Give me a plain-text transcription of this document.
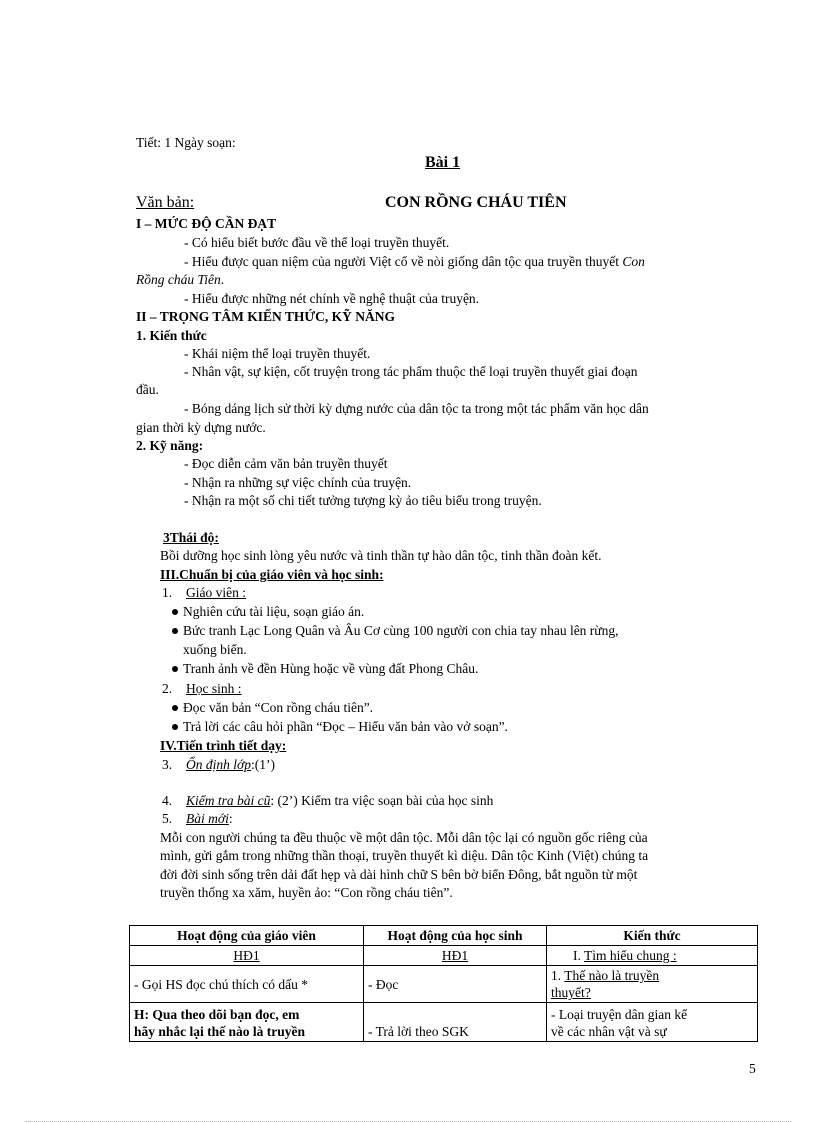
Tiết: 1 Ngày soạn:
Bài 1
Văn bản:	CON RỒNG CHÁU TIÊN
I – MỨC ĐỘ CẦN ĐẠT
- Có hiểu biết bước đầu về thể loại truyền thuyết.
- Hiểu được quan niệm của người Việt cổ về nòi giống dân tộc qua truyền thuyết Con
Rồng cháu Tiên.
- Hiểu được những nét chính về nghệ thuật của truyện.
II – TRỌNG TÂM KIẾN THỨC, KỸ NĂNG
1. Kiến thức
- Khái niệm thể loại truyền thuyết.
- Nhân vật, sự kiện, cốt truyện trong tác phẩm thuộc thể loại truyền thuyết giai đoạn
đầu.
- Bóng dáng lịch sử thời kỳ dựng nước của dân tộc ta trong một tác phẩm văn học dân
gian thời kỳ dựng nước.
2. Kỹ năng:
- Đọc diễn cảm văn bản truyền thuyết
- Nhận ra những sự việc chính của truyện.
- Nhận ra một số chi tiết tưởng tượng kỳ ảo tiêu biểu trong truyện.
3Thái độ:
Bồi dưỡng học sinh lòng yêu nước và tinh thần tự hào dân tộc, tinh thần đoàn kết.
III.Chuẩn bị của giáo viên và học sinh:
1. Giáo viên :
Nghiên cứu tài liệu, soạn giáo án.
Bức tranh Lạc Long Quân và Âu Cơ cùng 100 người con chia tay nhau lên rừng,
xuống biển.
Tranh ảnh về đền Hùng hoặc về vùng đất Phong Châu.
2. Học sinh :
Đọc văn bản “Con rồng cháu tiên”.
Trả lời các câu hỏi phần “Đọc – Hiểu văn bản vào vở soạn”.
IV.Tiến trình tiết dạy:
3. Ổn định lớp:(1’)
4. Kiểm tra bài cũ: (2’) Kiểm tra việc soạn bài của học sinh
5. Bài mới:
Mỗi con người chúng ta đều thuộc về một dân tộc. Mỗi dân tộc lại có nguồn gốc riêng của
mình, gửi gắm trong những thần thoại, truyền thuyết kì diệu. Dân tộc Kinh (Việt) chúng ta
đời đời sinh sống trên dải đất hẹp và dài hình chữ S bên bờ biển Đông, bắt nguồn từ một
truyền thống xa xăm, huyền ảo: “Con rồng cháu tiên”.
Hoạt động của giáo viên	Hoạt động của học sinh	Kiến thức
HĐ1	HĐ1	I. Tìm hiểu chung :
- Gọi HS đọc chú thích có dấu *	- Đọc	1. Thế nào là truyền
thuyết?
H: Qua theo dõi bạn đọc, em
hãy nhắc lại thế nào là truyền	- Trả lời theo SGK	- Loại truyện dân gian kể
về các nhân vật và sự
5
